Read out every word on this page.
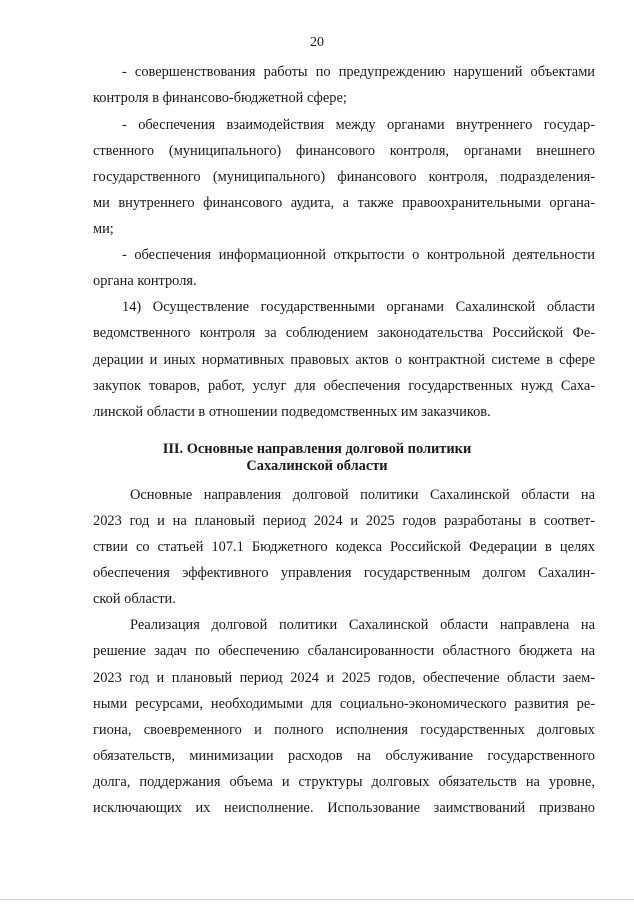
20
- совершенствования работы по предупреждению нарушений объектами
контроля в финансово-бюджетной сфере;
- обеспечения взаимодействия между органами внутреннего государ-
ственного (муниципального) финансового контроля, органами внешнего
государственного (муниципального) финансового контроля, подразделения-
ми внутреннего финансового аудита, а также правоохранительными органа-
ми;
- обеспечения информационной открытости о контрольной деятельности
органа контроля.
14) Осуществление государственными органами Сахалинской области
ведомственного контроля за соблюдением законодательства Российской Фе-
дерации и иных нормативных правовых актов о контрактной системе в сфере
закупок товаров, работ, услуг для обеспечения государственных нужд Саха-
линской области в отношении подведомственных им заказчиков.
III. Основные направления долговой политики
Сахалинской области
Основные направления долговой политики Сахалинской области на
2023 год и на плановый период 2024 и 2025 годов разработаны в соответ-
ствии со статьей 107.1 Бюджетного кодекса Российской Федерации в целях
обеспечения эффективного управления государственным долгом Сахалин-
ской области.
Реализация долговой политики Сахалинской области направлена на
решение задач по обеспечению сбалансированности областного бюджета на
2023 год и плановый период 2024 и 2025 годов, обеспечение области заем-
ными ресурсами, необходимыми для социально-экономического развития ре-
гиона, своевременного и полного исполнения государственных долговых
обязательств, минимизации расходов на обслуживание государственного
долга, поддержания объема и структуры долговых обязательств на уровне,
исключающих их неисполнение. Использование заимствований призвано
